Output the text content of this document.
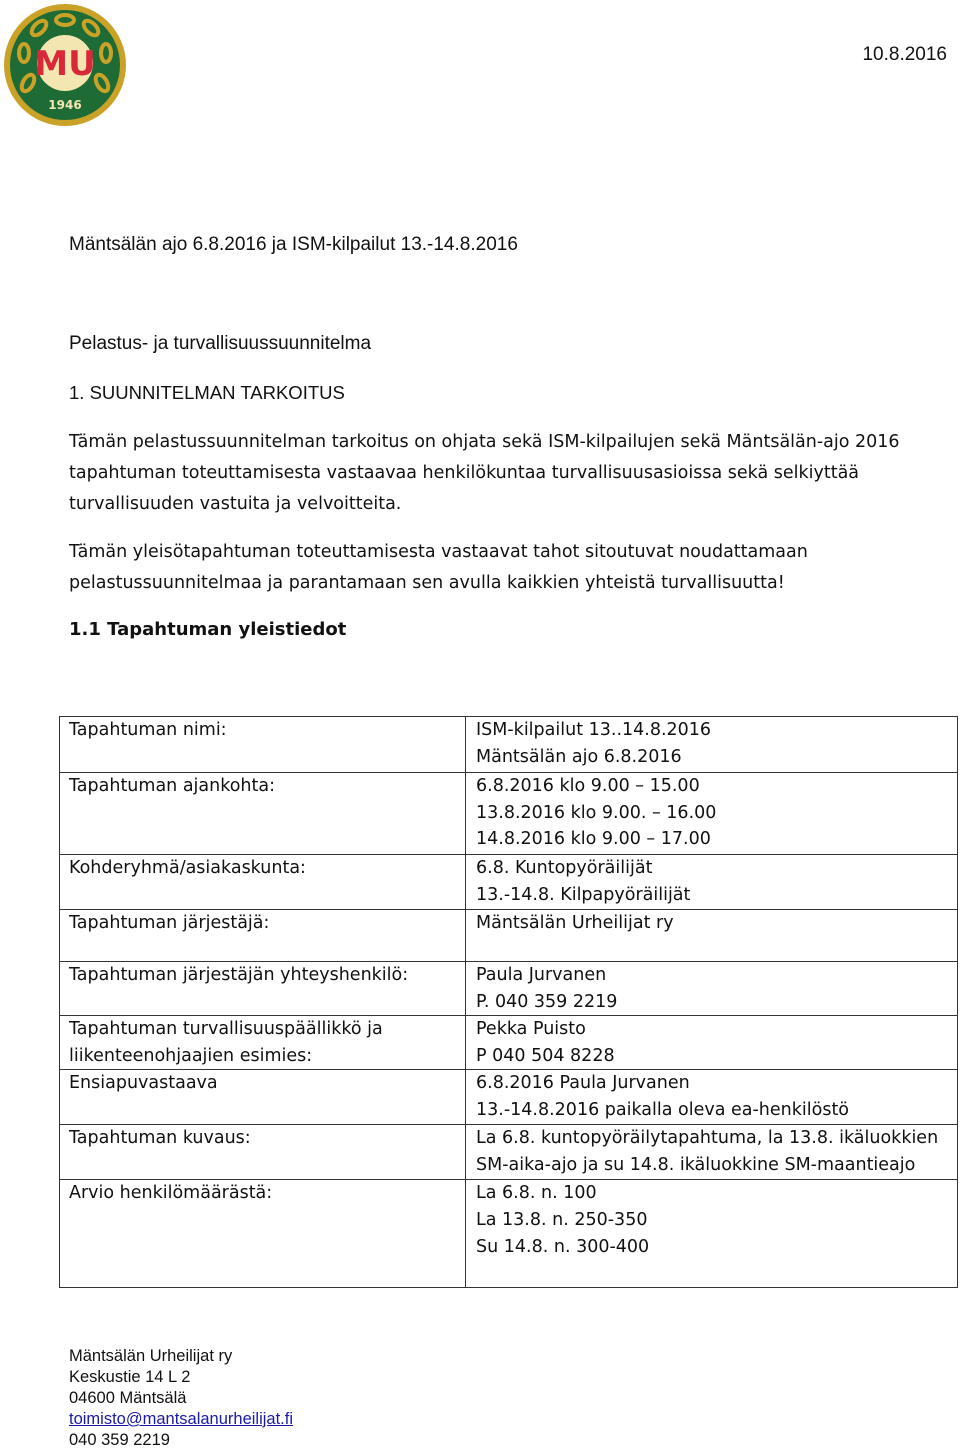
MU
1946
10.8.2016
Mäntsälän ajo 6.8.2016 ja ISM-kilpailut 13.-14.8.2016
Pelastus- ja turvallisuussuunnitelma
1. SUUNNITELMAN TARKOITUS

Tämän pelastussuunnitelman tarkoitus on ohjata sekä ISM-kilpailujen sekä Mäntsälän-ajo 2016
tapahtuman toteuttamisesta vastaavaa henkilökuntaa turvallisuusasioissa sekä selkiyttää
turvallisuuden vastuita ja velvoitteita.

Tämän yleisötapahtuman toteuttamisesta vastaavat tahot sitoutuvat noudattamaan
pelastussuunnitelmaa ja parantamaan sen avulla kaikkien yhteistä turvallisuutta!

1.1 Tapahtuman yleistiedot
Tapahtuman nimi:	ISM-kilpailut 13..14.8.2016
Mäntsälän ajo 6.8.2016

Tapahtuman ajankohta:	6.8.2016 klo 9.00 – 15.00
13.8.2016 klo 9.00. – 16.00
14.8.2016 klo 9.00 – 17.00

Kohderyhmä/asiakaskunta:	6.8. Kuntopyöräilijät
13.-14.8. Kilpapyöräilijät

Tapahtuman järjestäjä:	Mäntsälän Urheilijat ry

Tapahtuman järjestäjän yhteyshenkilö:	Paula Jurvanen
P. 040 359 2219

Tapahtuman turvallisuuspäällikkö ja
liikenteenohjaajien esimies:	Pekka Puisto
P 040 504 8228

Ensiapuvastaava	6.8.2016 Paula Jurvanen
13.-14.8.2016 paikalla oleva ea-henkilöstö

Tapahtuman kuvaus:	La 6.8. kuntopyöräilytapahtuma, la 13.8. ikäluokkien
SM-aika-ajo ja su 14.8. ikäluokkine SM-maantieajo

Arvio henkilömäärästä:	La 6.8. n. 100
La 13.8. n. 250-350
Su 14.8. n. 300-400
Mäntsälän Urheilijat ry
Keskustie 14 L 2
04600 Mäntsälä
toimisto@mantsalanurheilijat.fi
040 359 2219
